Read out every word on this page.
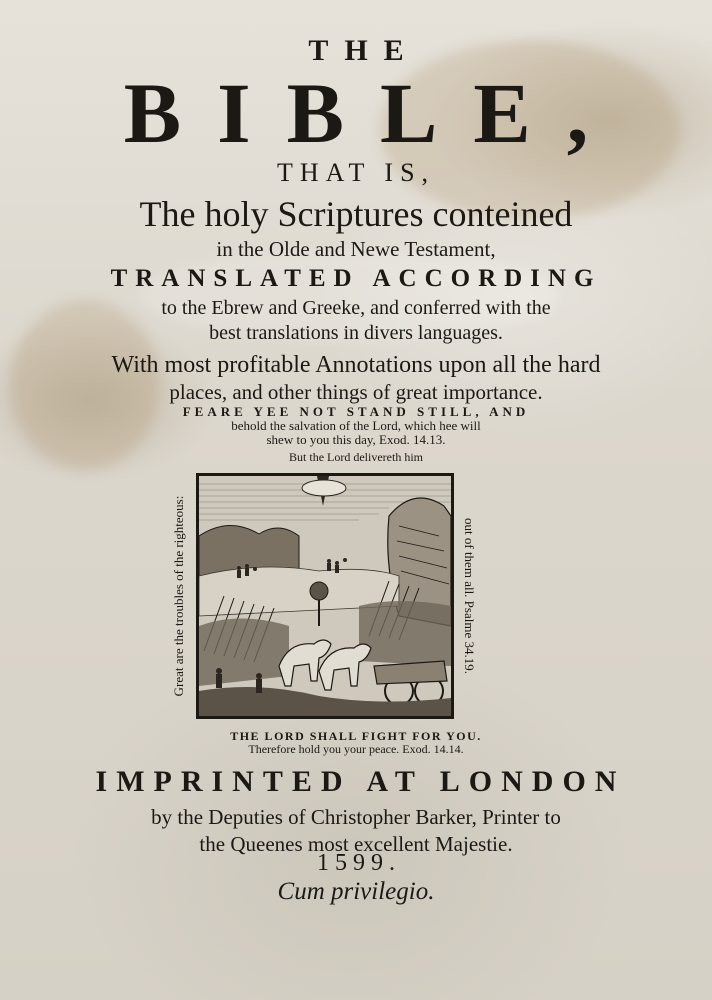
THE
BIBLE,
THAT IS,
The holy Scriptures conteined
in the Olde and Newe Testament,
TRANSLATED ACCORDING
to the Ebrew and Greeke, and conferred with the
best translations in divers languages.
With most profitable Annotations upon all the hard
places, and other things of great importance.
FEARE YEE NOT STAND STILL, AND
behold the salvation of the Lord, which hee will
shew to you this day, Exod. 14.13.
But the Lord delivereth him
Great are the troubles of the righteous:	out of them all. Psalme 34.19.
THE LORD SHALL FIGHT FOR YOU.
Therefore hold you your peace. Exod. 14.14.
IMPRINTED AT LONDON
by the Deputies of Christopher Barker, Printer to
the Queenes most excellent Majestie.
1599.
Cum privilegio.
